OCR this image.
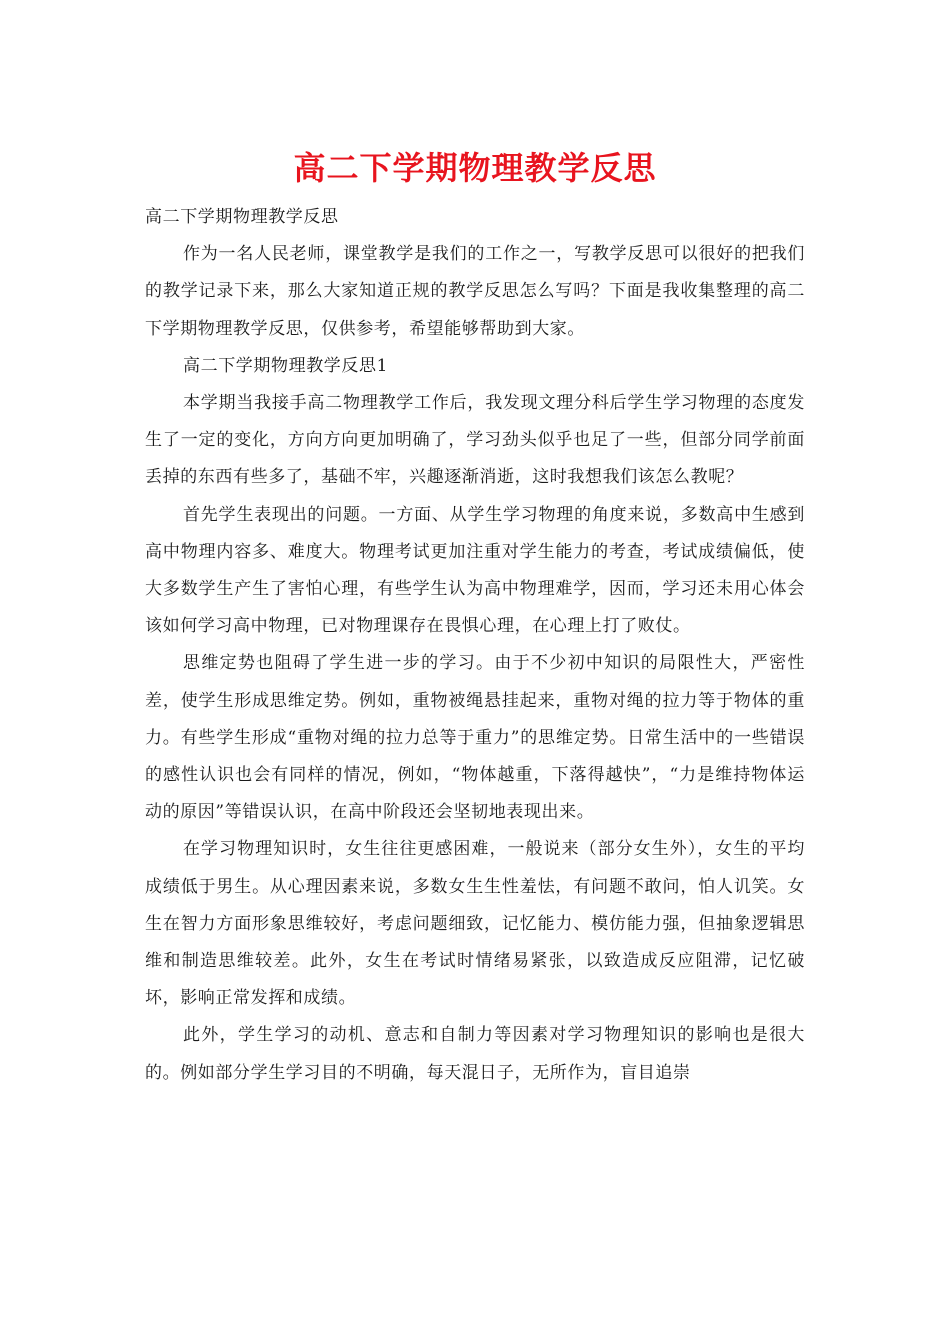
高二下学期物理教学反思

高二下学期物理教学反思

作为一名人民老师，课堂教学是我们的工作之一，写教学反思可以很好的把我们的教学记录下来，那么大家知道正规的教学反思怎么写吗？下面是我收集整理的高二下学期物理教学反思，仅供参考，希望能够帮助到大家。

高二下学期物理教学反思1

本学期当我接手高二物理教学工作后，我发现文理分科后学生学习物理的态度发生了一定的变化，方向方向更加明确了，学习劲头似乎也足了一些，但部分同学前面丢掉的东西有些多了，基础不牢，兴趣逐渐消逝，这时我想我们该怎么教呢？

首先学生表现出的问题。一方面、从学生学习物理的角度来说，多数高中生感到高中物理内容多、难度大。物理考试更加注重对学生能力的考查，考试成绩偏低，使大多数学生产生了害怕心理，有些学生认为高中物理难学，因而，学习还未用心体会该如何学习高中物理，已对物理课存在畏惧心理，在心理上打了败仗。

思维定势也阻碍了学生进一步的学习。由于不少初中知识的局限性大，严密性差，使学生形成思维定势。例如，重物被绳悬挂起来，重物对绳的拉力等于物体的重力。有些学生形成“重物对绳的拉力总等于重力”的思维定势。日常生活中的一些错误的感性认识也会有同样的情况，例如，“物体越重，下落得越快”，“力是维持物体运动的原因”等错误认识，在高中阶段还会坚韧地表现出来。

在学习物理知识时，女生往往更感困难，一般说来（部分女生外），女生的平均成绩低于男生。从心理因素来说，多数女生生性羞怯，有问题不敢问，怕人讥笑。女生在智力方面形象思维较好，考虑问题细致，记忆能力、模仿能力强，但抽象逻辑思维和制造思维较差。此外，女生在考试时情绪易紧张，以致造成反应阻滞，记忆破坏，影响正常发挥和成绩。

此外，学生学习的动机、意志和自制力等因素对学习物理知识的影响也是很大的。例如部分学生学习目的不明确，每天混日子，无所作为，盲目追崇
